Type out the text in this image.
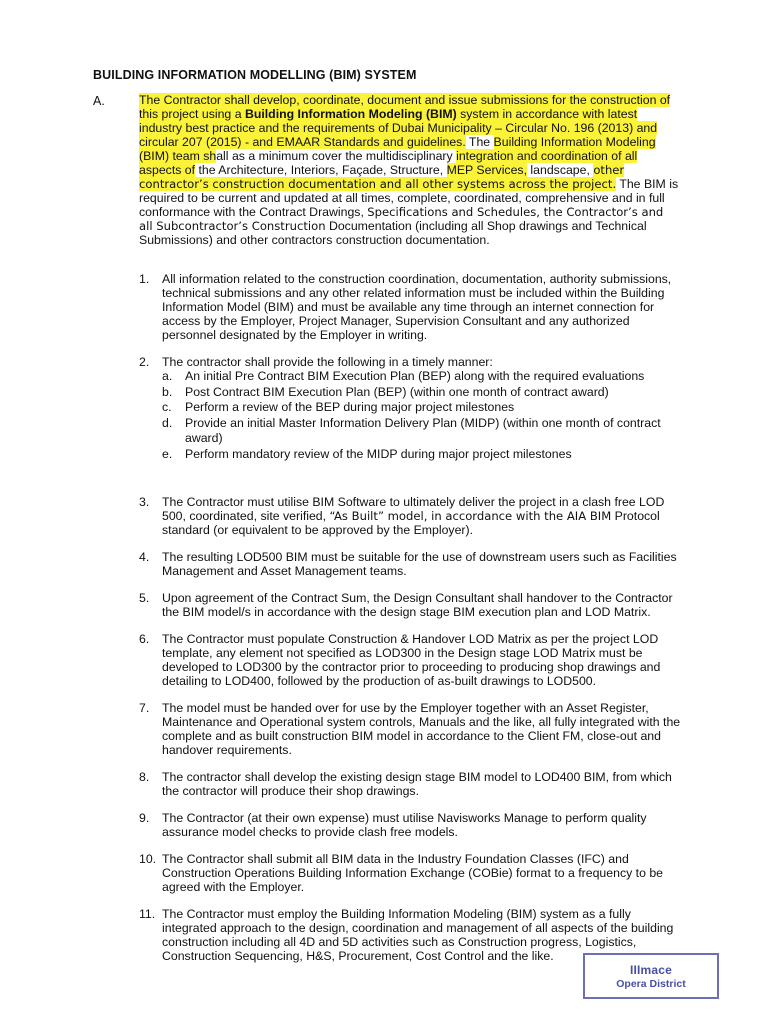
BUILDING INFORMATION MODELLING (BIM) SYSTEM
A.	The Contractor shall develop, coordinate, document and issue submissions for the construction of this project using a Building Information Modeling (BIM) system in accordance with latest industry best practice and the requirements of Dubai Municipality – Circular No. 196 (2013) and circular 207 (2015) - and EMAAR Standards and guidelines. The Building Information Modeling (BIM) team shall as a minimum cover the multidisciplinary integration and coordination of all aspects of the Architecture, Interiors, Façade, Structure, MEP Services, landscape, other contractor’s construction documentation and all other systems across the project. The BIM is required to be current and updated at all times, complete, coordinated, comprehensive and in full conformance with the Contract Drawings, Specifications and Schedules, the Contractor’s and all Subcontractor’s Construction Documentation (including all Shop drawings and Technical Submissions) and other contractors construction documentation.
1.	All information related to the construction coordination, documentation, authority submissions, technical submissions and any other related information must be included within the Building Information Model (BIM) and must be available any time through an internet connection for access by the Employer, Project Manager, Supervision Consultant and any authorized personnel designated by the Employer in writing.
2.	The contractor shall provide the following in a timely manner:
a.	An initial Pre Contract BIM Execution Plan (BEP) along with the required evaluations
b.	Post Contract BIM Execution Plan (BEP) (within one month of contract award)
c.	Perform a review of the BEP during major project milestones
d.	Provide an initial Master Information Delivery Plan (MIDP) (within one month of contract award)
e.	Perform mandatory review of the MIDP during major project milestones
3.	The Contractor must utilise BIM Software to ultimately deliver the project in a clash free LOD 500, coordinated, site verified, “As Built” model, in accordance with the AIA BIM Protocol standard (or equivalent to be approved by the Employer).
4.	The resulting LOD500 BIM must be suitable for the use of downstream users such as Facilities Management and Asset Management teams.
5.	Upon agreement of the Contract Sum, the Design Consultant shall handover to the Contractor the BIM model/s in accordance with the design stage BIM execution plan and LOD Matrix.
6.	The Contractor must populate Construction & Handover LOD Matrix as per the project LOD template, any element not specified as LOD300 in the Design stage LOD Matrix must be developed to LOD300 by the contractor prior to proceeding to producing shop drawings and detailing to LOD400, followed by the production of as-built drawings to LOD500.
7.	The model must be handed over for use by the Employer together with an Asset Register, Maintenance and Operational system controls, Manuals and the like, all fully integrated with the complete and as built construction BIM model in accordance to the Client FM, close-out and handover requirements.
8.	The contractor shall develop the existing design stage BIM model to LOD400 BIM, from which the contractor will produce their shop drawings.
9.	The Contractor (at their own expense) must utilise Navisworks Manage to perform quality assurance model checks to provide clash free models.
10. The Contractor shall submit all BIM data in the Industry Foundation Classes (IFC) and Construction Operations Building Information Exchange (COBie) format to a frequency to be agreed with the Employer.
11. The Contractor must employ the Building Information Modeling (BIM) system as a fully integrated approach to the design, coordination and management of all aspects of the building construction including all 4D and 5D activities such as Construction progress, Logistics, Construction Sequencing, H&S, Procurement, Cost Control and the like.
IIImace
Opera District
